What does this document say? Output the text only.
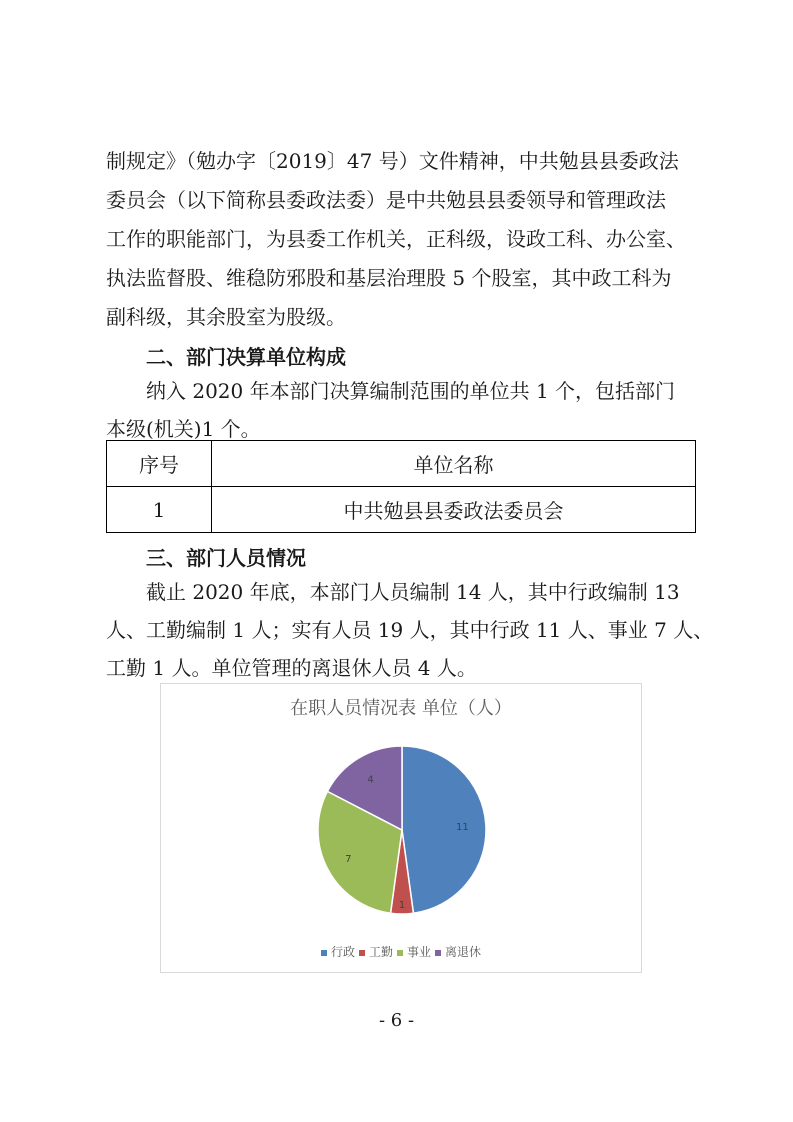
制规定》（勉办字〔2019〕47 号）文件精神，中共勉县县委政法
委员会（以下简称县委政法委）是中共勉县县委领导和管理政法
工作的职能部门，为县委工作机关，正科级，设政工科、办公室、
执法监督股、维稳防邪股和基层治理股 5 个股室，其中政工科为
副科级，其余股室为股级。
二、部门决算单位构成
纳入 2020 年本部门决算编制范围的单位共 1 个，包括部门
本级(机关)1 个。
序号	单位名称
1	中共勉县县委政法委员会
三、部门人员情况
截止 2020 年底，本部门人员编制 14 人，其中行政编制 13
人、工勤编制 1 人；实有人员 19 人，其中行政 11 人、事业 7 人、
工勤 1 人。单位管理的离退休人员 4 人。
在职人员情况表 单位（人）
11
1
7
4
行政 工勤 事业 离退休
- 6 -
